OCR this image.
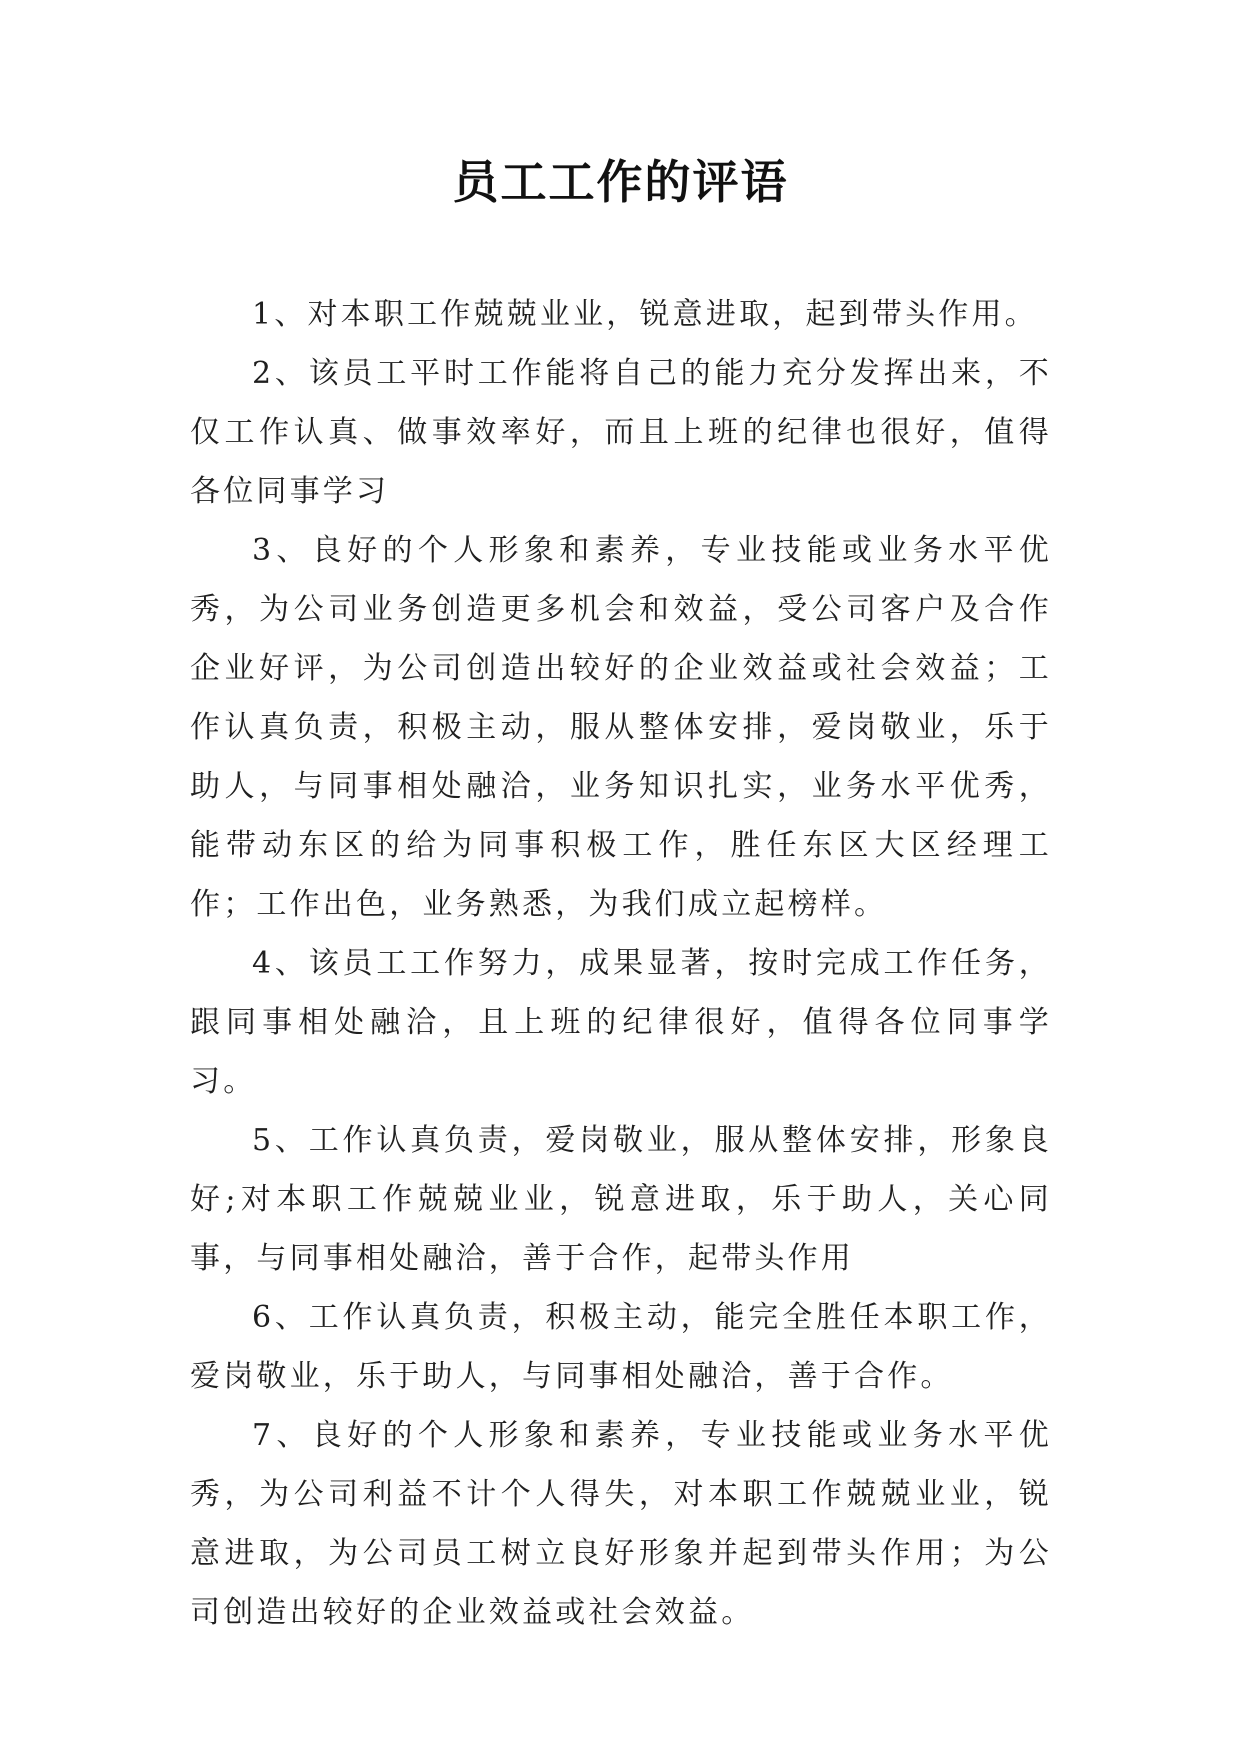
员工工作的评语

1、对本职工作兢兢业业，锐意进取，起到带头作用。

2、该员工平时工作能将自己的能力充分发挥出来，不仅工作认真、做事效率好，而且上班的纪律也很好，值得各位同事学习

3、良好的个人形象和素养，专业技能或业务水平优秀，为公司业务创造更多机会和效益，受公司客户及合作企业好评，为公司创造出较好的企业效益或社会效益；工作认真负责，积极主动，服从整体安排，爱岗敬业，乐于助人，与同事相处融洽，业务知识扎实，业务水平优秀，能带动东区的给为同事积极工作，胜任东区大区经理工作；工作出色，业务熟悉，为我们成立起榜样。

4、该员工工作努力，成果显著，按时完成工作任务，跟同事相处融洽，且上班的纪律很好，值得各位同事学习。

5、工作认真负责，爱岗敬业，服从整体安排，形象良好;对本职工作兢兢业业，锐意进取，乐于助人，关心同事，与同事相处融洽，善于合作，起带头作用

6、工作认真负责，积极主动，能完全胜任本职工作，爱岗敬业，乐于助人，与同事相处融洽，善于合作。

7、良好的个人形象和素养，专业技能或业务水平优秀，为公司利益不计个人得失，对本职工作兢兢业业，锐意进取，为公司员工树立良好形象并起到带头作用；为公司创造出较好的企业效益或社会效益。
